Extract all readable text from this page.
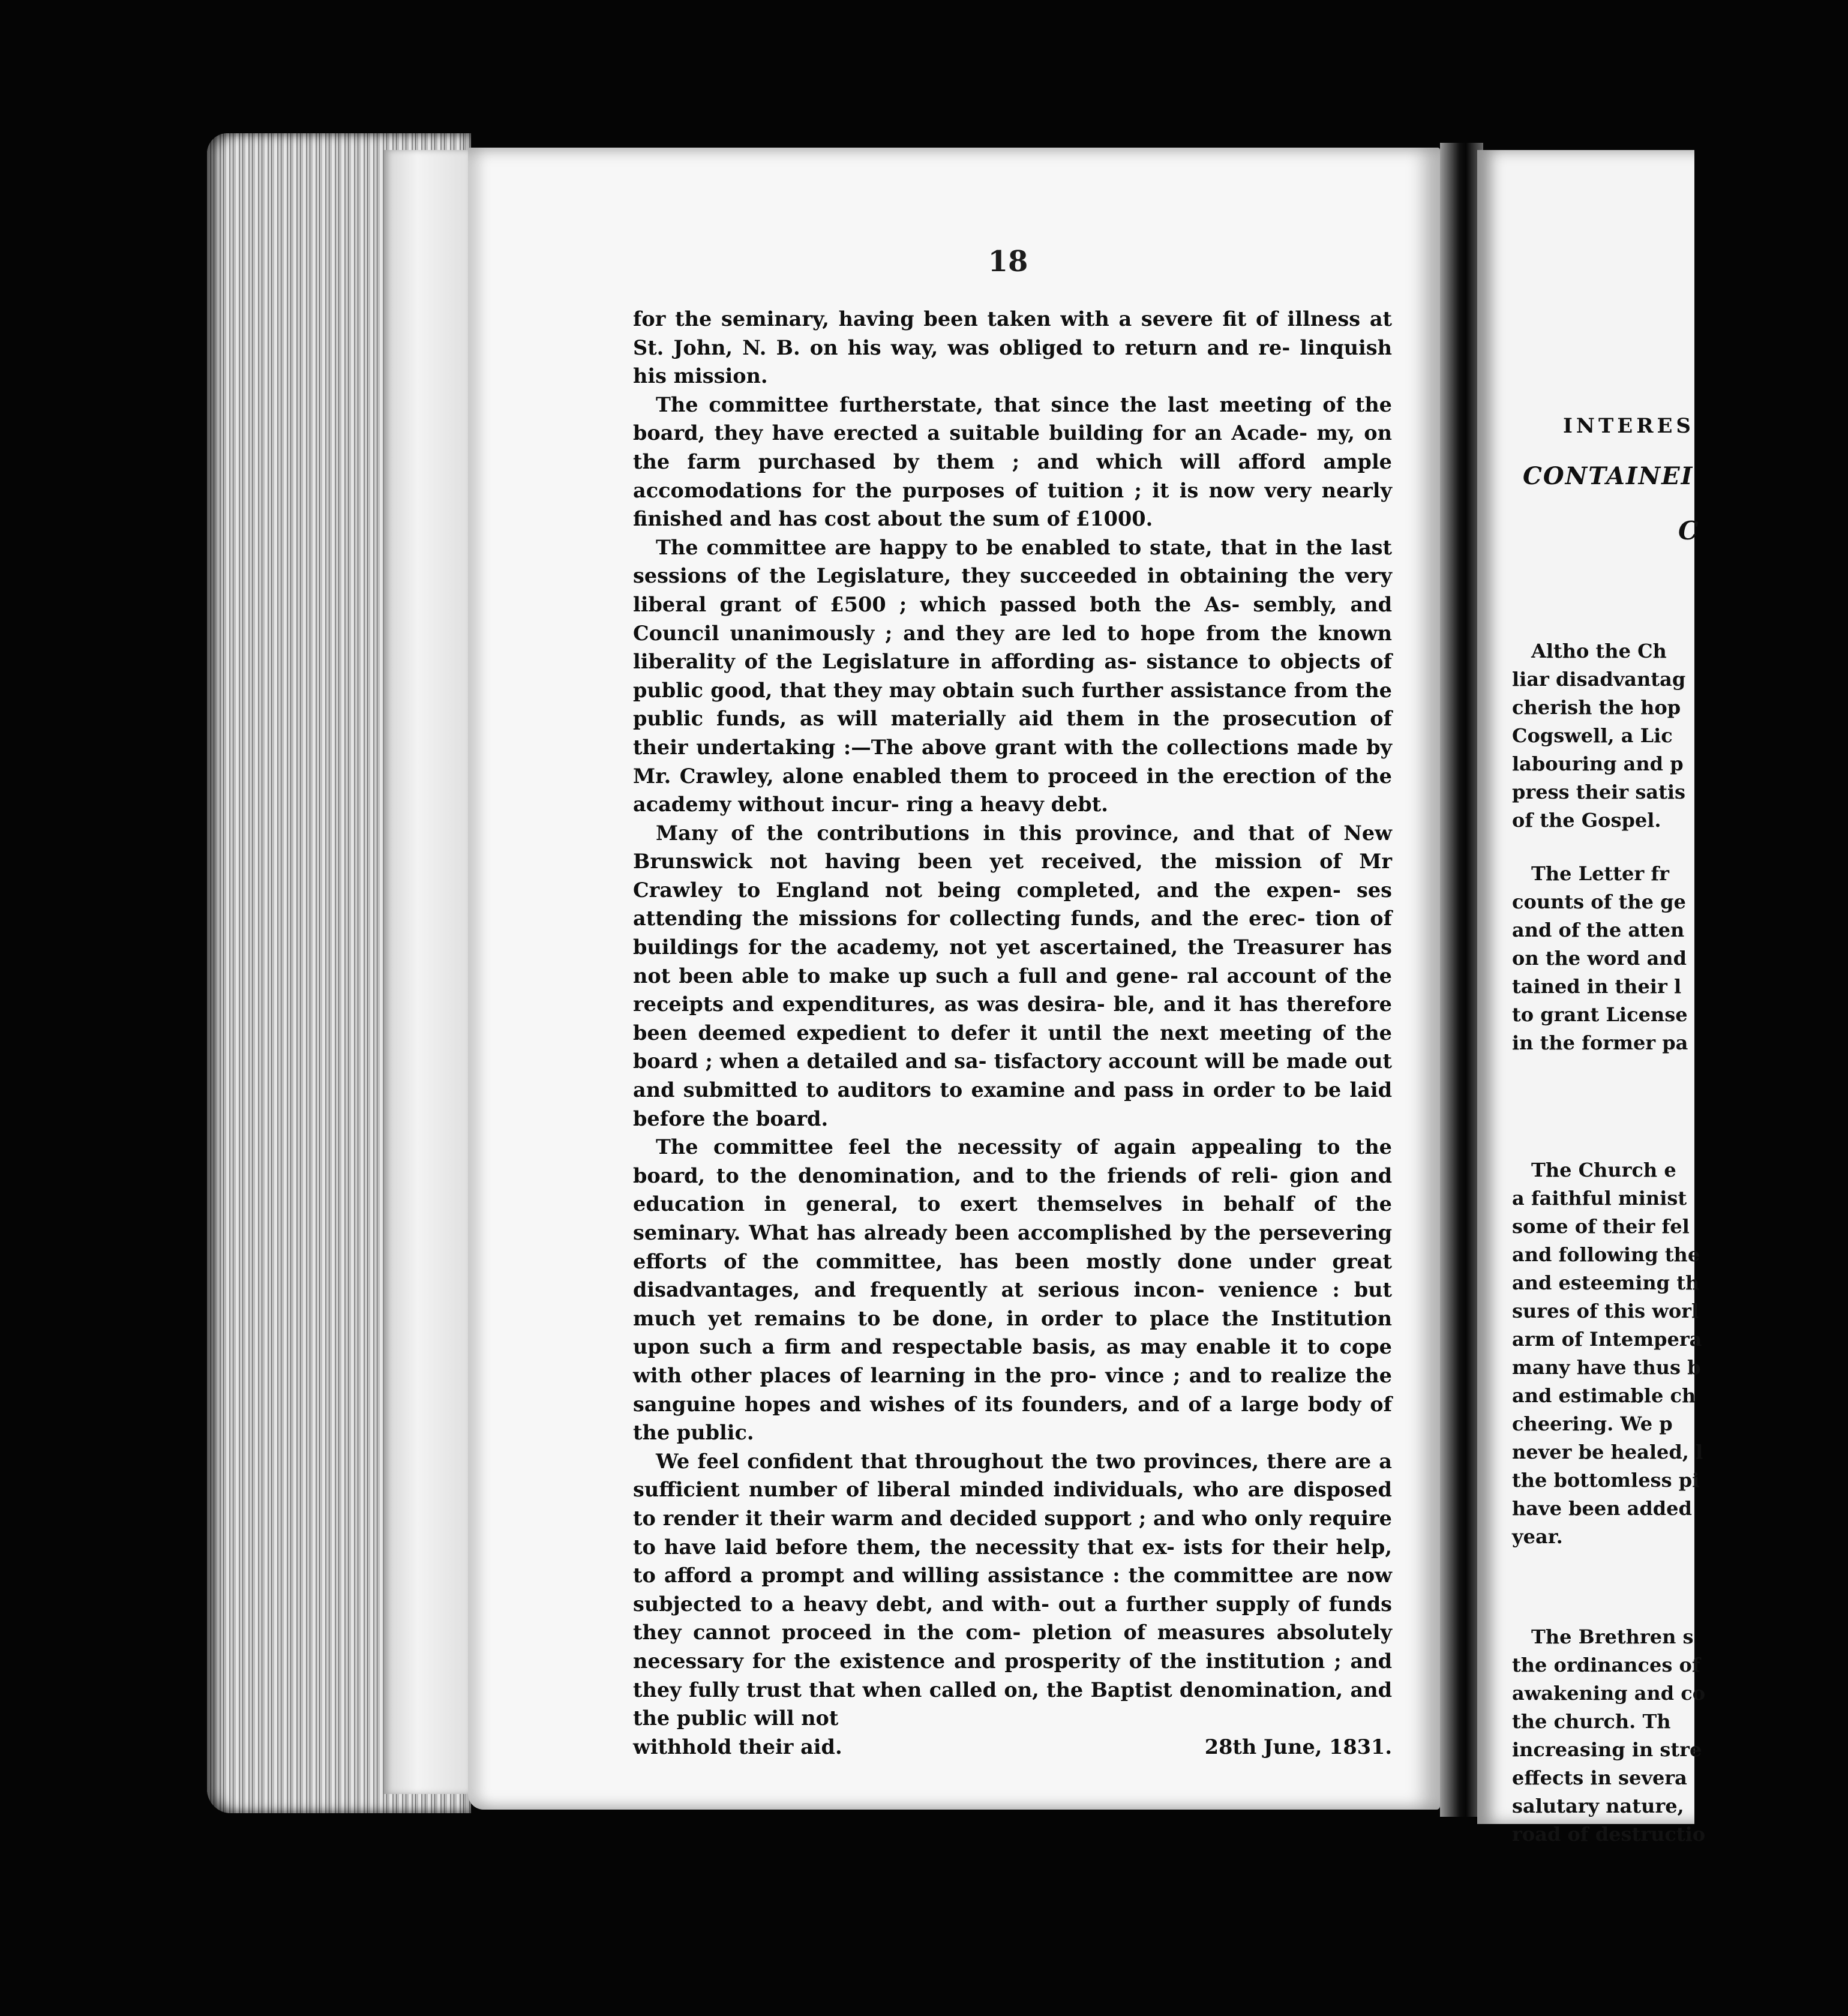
18

for the seminary, having been taken with a severe fit of illness at St. John, N. B. on his way, was obliged to return and re- linquish his mission.

The committee furtherstate, that since the last meeting of the board, they have erected a suitable building for an Acade- my, on the farm purchased by them ; and which will afford ample accomodations for the purposes of tuition ; it is now very nearly finished and has cost about the sum of £1000.

The committee are happy to be enabled to state, that in the last sessions of the Legislature, they succeeded in obtaining the very liberal grant of £500 ; which passed both the As- sembly, and Council unanimously ; and they are led to hope from the known liberality of the Legislature in affording as- sistance to objects of public good, that they may obtain such further assistance from the public funds, as will materially aid them in the prosecution of their undertaking :—The above grant with the collections made by Mr. Crawley, alone enabled them to proceed in the erection of the academy without incur- ring a heavy debt.

Many of the contributions in this province, and that of New Brunswick not having been yet received, the mission of Mr Crawley to England not being completed, and the expen- ses attending the missions for collecting funds, and the erec- tion of buildings for the academy, not yet ascertained, the Treasurer has not been able to make up such a full and gene- ral account of the receipts and expenditures, as was desira- ble, and it has therefore been deemed expedient to defer it until the next meeting of the board ; when a detailed and sa- tisfactory account will be made out and submitted to auditors to examine and pass in order to be laid before the board.

The committee feel the necessity of again appealing to the board, to the denomination, and to the friends of reli- gion and education in general, to exert themselves in behalf of the seminary. What has already been accomplished by the persevering efforts of the committee, has been mostly done under great disadvantages, and frequently at serious incon- venience : but much yet remains to be done, in order to place the Institution upon such a firm and respectable basis, as may enable it to cope with other places of learning in the pro- vince ; and to realize the sanguine hopes and wishes of its founders, and of a large body of the public.

We feel confident that throughout the two provinces, there are a sufficient number of liberal minded individuals, who are disposed to render it their warm and decided support ; and who only require to have laid before them, the necessity that ex- ists for their help, to afford a prompt and willing assistance : the committee are now subjected to a heavy debt, and with- out a further supply of funds they cannot proceed in the com- pletion of measures absolutely necessary for the existence and prosperity of the institution ; and they fully trust that when called on, the Baptist denomination, and the public will not

withhold their aid.	28th June, 1831.
INTERES
CONTAINEI
C
Altho the Ch
liar disadvantag
cherish the hop
Cogswell, a Lic
labouring and p
press their satis
of the Gospel.
The Letter fr
counts of the ge
and of the atten
on the word and
tained in their l
to grant License
in the former pa
The Church e
a faithful minist
some of their fel
and following the
and esteeming th
sures of this worl
arm of Intempera
many have thus b
and estimable ch
cheering. We p
never be healed, l
the bottomless pi
have been added
year.
The Brethren s
the ordinances of
awakening and co
the church. Th
increasing in stre
effects in severa
salutary nature,
road of destructio
